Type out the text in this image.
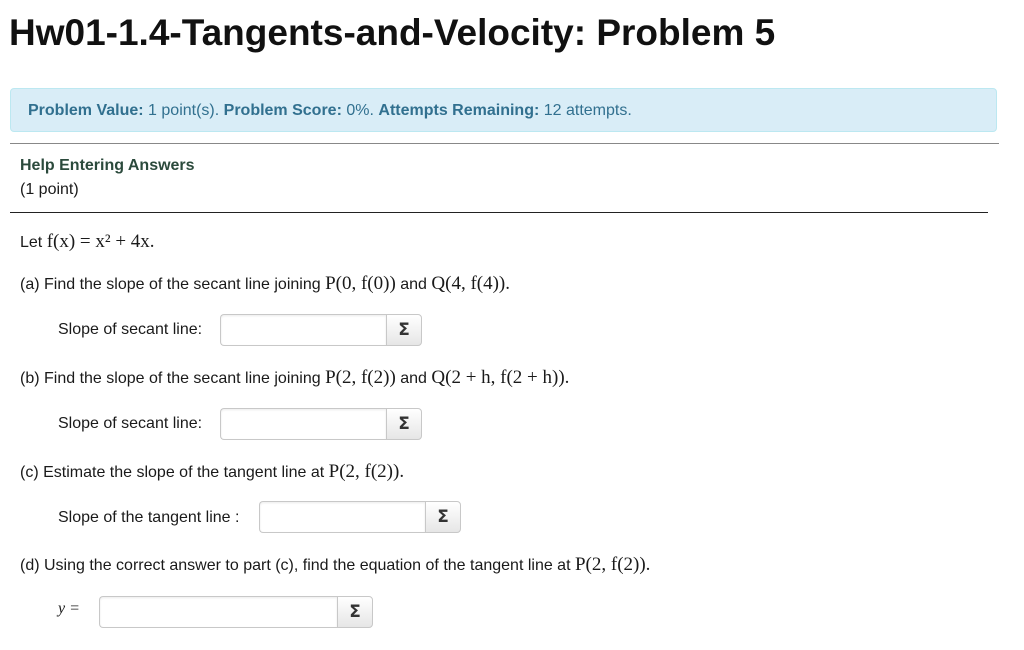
Hw01-1.4-Tangents-and-Velocity: Problem 5
Problem Value: 1 point(s). Problem Score: 0%. Attempts Remaining: 12 attempts.
Help Entering Answers
(1 point)
Let f(x) = x² + 4x.
(a) Find the slope of the secant line joining P(0, f(0)) and Q(4, f(4)).
Slope of secant line:	Σ
(b) Find the slope of the secant line joining P(2, f(2)) and Q(2 + h, f(2 + h)).
Slope of secant line:	Σ
(c) Estimate the slope of the tangent line at P(2, f(2)).
Slope of the tangent line :	Σ
(d) Using the correct answer to part (c), find the equation of the tangent line at P(2, f(2)).
y =	Σ
